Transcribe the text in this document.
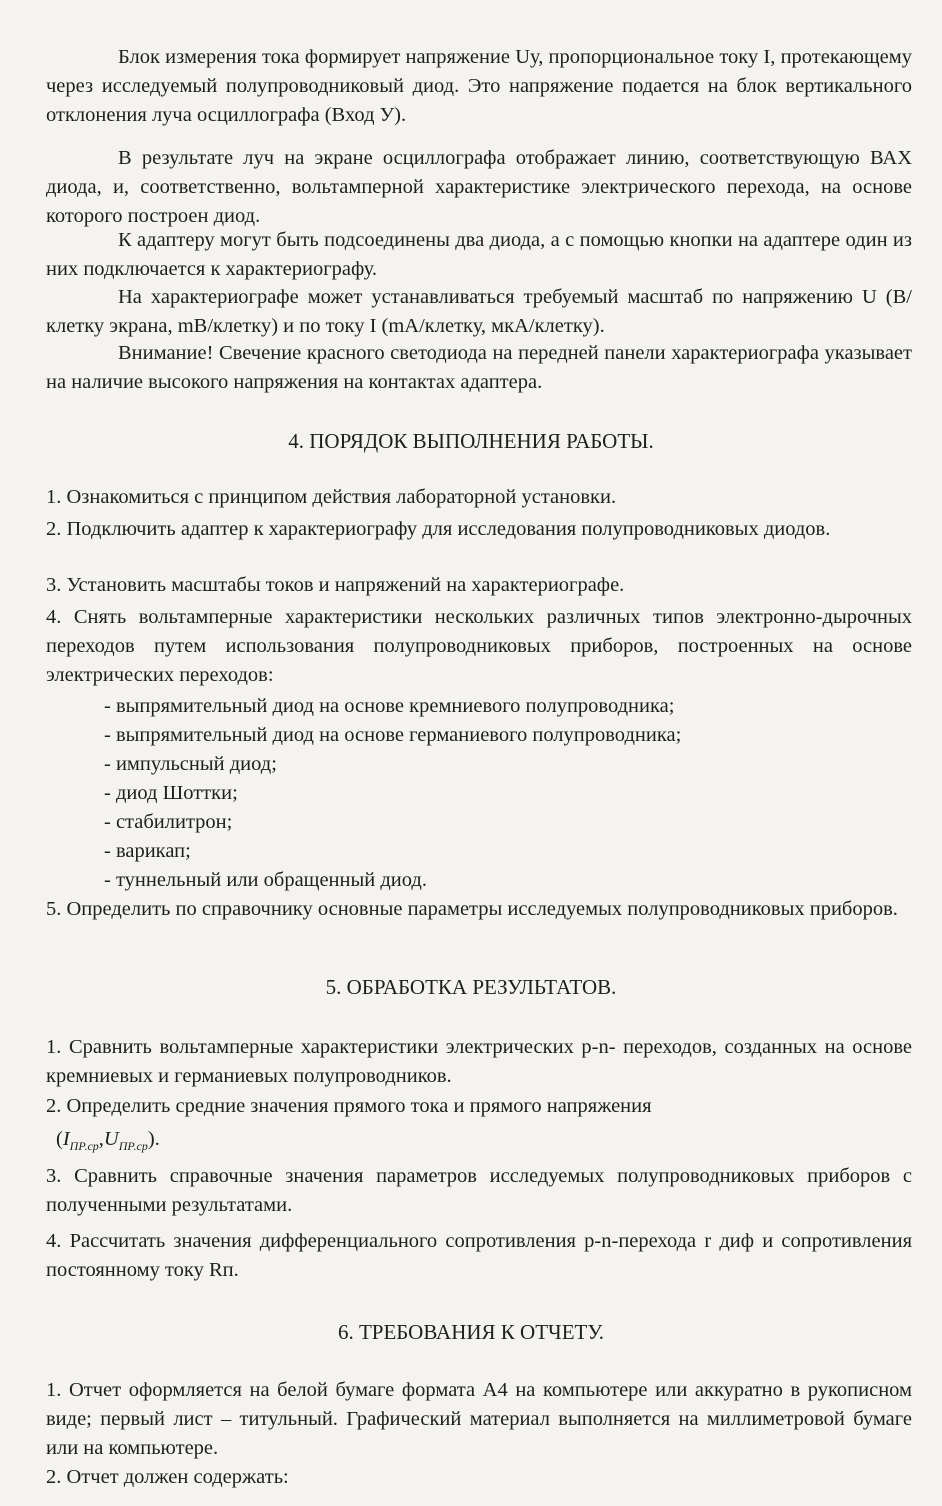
Блок измерения тока формирует напряжение Uу, пропорциональное току I, протекающему через исследуемый полупроводниковый диод. Это напряжение подается на блок вертикального отклонения луча осциллографа (Вход У).

В результате луч на экране осциллографа отображает линию, соответствующую ВАХ диода, и, соответственно, вольтамперной характеристике электрического перехода, на основе которого построен диод.

К адаптеру могут быть подсоединены два диода, а с помощью кнопки на адаптере один из них подключается к характериографу.

На характериографе может устанавливаться требуемый масштаб по напряжению U (В/клетку экрана, mВ/клетку) и по току I (mА/клетку, мкА/клетку).

Внимание! Свечение красного светодиода на передней панели характериографа указывает на наличие высокого напряжения на контактах адаптера.

4. ПОРЯДОК ВЫПОЛНЕНИЯ РАБОТЫ.

1. Ознакомиться с принципом действия лабораторной установки.

2. Подключить адаптер к характериографу для исследования полупроводниковых диодов.

3. Установить масштабы токов и напряжений на характериографе.

4. Снять вольтамперные характеристики нескольких различных типов электронно-дырочных переходов путем использования полупроводниковых приборов, построенных на основе электрических переходов:

- выпрямительный диод на основе кремниевого полупроводника;
- выпрямительный диод на основе германиевого полупроводника;
- импульсный диод;
- диод Шоттки;
- стабилитрон;
- варикап;
- туннельный или обращенный диод.

5. Определить по справочнику основные параметры исследуемых полупроводниковых приборов.

5. ОБРАБОТКА РЕЗУЛЬТАТОВ.

1. Сравнить вольтамперные характеристики электрических p-n- переходов, созданных на основе кремниевых и германиевых полупроводников.

2. Определить средние значения прямого тока и прямого напряжения

$(I_{ПР.ср},U_{ПР.ср})$.

3. Сравнить справочные значения параметров исследуемых полупроводниковых приборов с полученными результатами.

4. Рассчитать значения дифференциального сопротивления p-n-перехода r диф и сопротивления постоянному току Rп.

6. ТРЕБОВАНИЯ К ОТЧЕТУ.

1. Отчет оформляется на белой бумаге формата А4 на компьютере или аккуратно в рукописном виде; первый лист – титульный. Графический материал выполняется на миллиметровой бумаге или на компьютере.

2. Отчет должен содержать:
